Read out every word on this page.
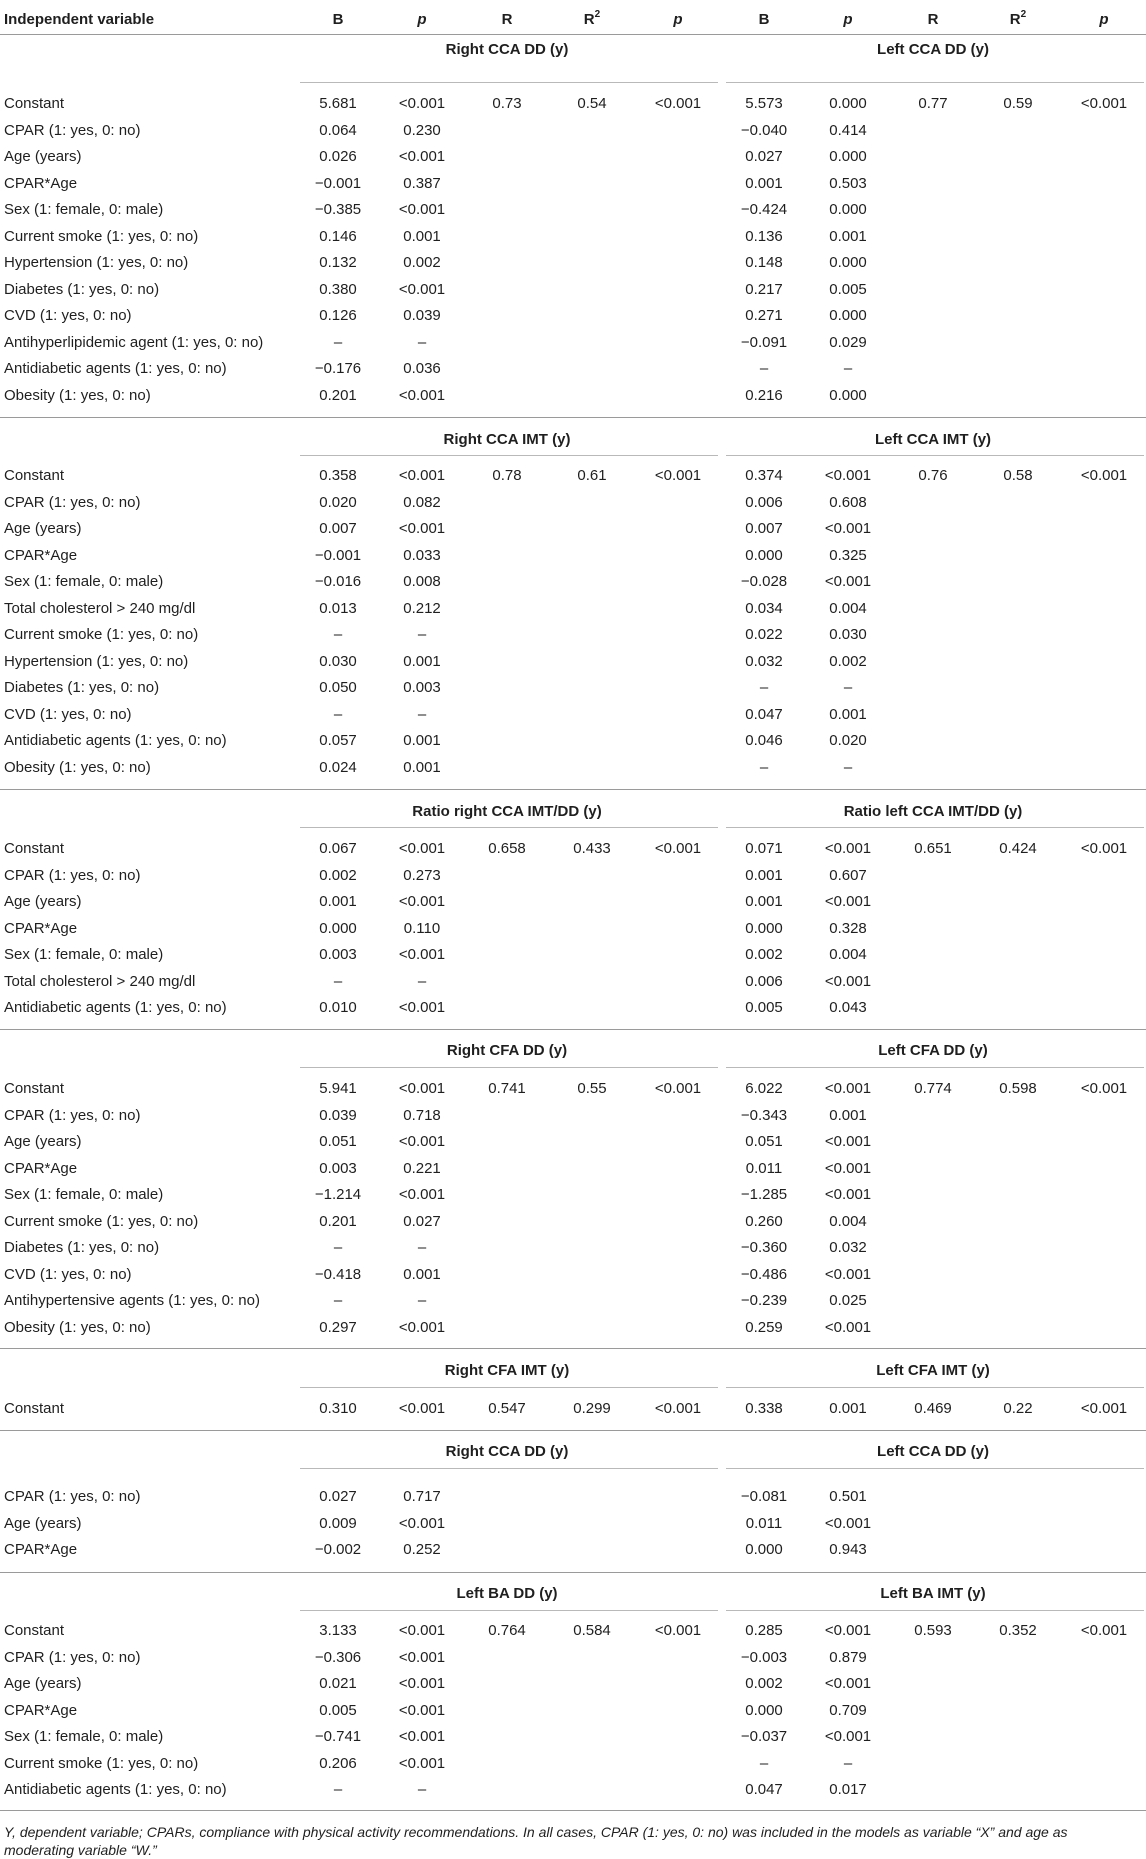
Independent variable	B	p	R	$R^2$	p	B	p	R	$R^2$	p
Right CCA DD (y)	Left CCA DD (y)
Constant	5.681	<0.001	0.73	0.54	<0.001	5.573	0.000	0.77	0.59	<0.001
CPAR (1: yes, 0: no)	0.064	0.230	−0.040	0.414
Age (years)	0.026	<0.001	0.027	0.000
CPAR*Age	−0.001	0.387	0.001	0.503
Sex (1: female, 0: male)	−0.385	<0.001	−0.424	0.000
Current smoke (1: yes, 0: no)	0.146	0.001	0.136	0.001
Hypertension (1: yes, 0: no)	0.132	0.002	0.148	0.000
Diabetes (1: yes, 0: no)	0.380	<0.001	0.217	0.005
CVD (1: yes, 0: no)	0.126	0.039	0.271	0.000
Antihyperlipidemic agent (1: yes, 0: no)	–	–	−0.091	0.029
Antidiabetic agents (1: yes, 0: no)	−0.176	0.036	–	–
Obesity (1: yes, 0: no)	0.201	<0.001	0.216	0.000
Right CCA IMT (y)	Left CCA IMT (y)
Constant	0.358	<0.001	0.78	0.61	<0.001	0.374	<0.001	0.76	0.58	<0.001
CPAR (1: yes, 0: no)	0.020	0.082	0.006	0.608
Age (years)	0.007	<0.001	0.007	<0.001
CPAR*Age	−0.001	0.033	0.000	0.325
Sex (1: female, 0: male)	−0.016	0.008	−0.028	<0.001
Total cholesterol > 240 mg/dl	0.013	0.212	0.034	0.004
Current smoke (1: yes, 0: no)	–	–	0.022	0.030
Hypertension (1: yes, 0: no)	0.030	0.001	0.032	0.002
Diabetes (1: yes, 0: no)	0.050	0.003	–	–
CVD (1: yes, 0: no)	–	–	0.047	0.001
Antidiabetic agents (1: yes, 0: no)	0.057	0.001	0.046	0.020
Obesity (1: yes, 0: no)	0.024	0.001	–	–
Ratio right CCA IMT/DD (y)	Ratio left CCA IMT/DD (y)
Constant	0.067	<0.001	0.658	0.433	<0.001	0.071	<0.001	0.651	0.424	<0.001
CPAR (1: yes, 0: no)	0.002	0.273	0.001	0.607
Age (years)	0.001	<0.001	0.001	<0.001
CPAR*Age	0.000	0.110	0.000	0.328
Sex (1: female, 0: male)	0.003	<0.001	0.002	0.004
Total cholesterol > 240 mg/dl	–	–	0.006	<0.001
Antidiabetic agents (1: yes, 0: no)	0.010	<0.001	0.005	0.043
Right CFA DD (y)	Left CFA DD (y)
Constant	5.941	<0.001	0.741	0.55	<0.001	6.022	<0.001	0.774	0.598	<0.001
CPAR (1: yes, 0: no)	0.039	0.718	−0.343	0.001
Age (years)	0.051	<0.001	0.051	<0.001
CPAR*Age	0.003	0.221	0.011	<0.001
Sex (1: female, 0: male)	−1.214	<0.001	−1.285	<0.001
Current smoke (1: yes, 0: no)	0.201	0.027	0.260	0.004
Diabetes (1: yes, 0: no)	–	–	−0.360	0.032
CVD (1: yes, 0: no)	−0.418	0.001	−0.486	<0.001
Antihypertensive agents (1: yes, 0: no)	–	–	−0.239	0.025
Obesity (1: yes, 0: no)	0.297	<0.001	0.259	<0.001
Right CFA IMT (y)	Left CFA IMT (y)
Constant	0.310	<0.001	0.547	0.299	<0.001	0.338	0.001	0.469	0.22	<0.001
Right CCA DD (y)	Left CCA DD (y)
CPAR (1: yes, 0: no)	0.027	0.717	−0.081	0.501
Age (years)	0.009	<0.001	0.011	<0.001
CPAR*Age	−0.002	0.252	0.000	0.943
Left BA DD (y)	Left BA IMT (y)
Constant	3.133	<0.001	0.764	0.584	<0.001	0.285	<0.001	0.593	0.352	<0.001
CPAR (1: yes, 0: no)	−0.306	<0.001	−0.003	0.879
Age (years)	0.021	<0.001	0.002	<0.001
CPAR*Age	0.005	<0.001	0.000	0.709
Sex (1: female, 0: male)	−0.741	<0.001	−0.037	<0.001
Current smoke (1: yes, 0: no)	0.206	<0.001	–	–
Antidiabetic agents (1: yes, 0: no)	–	–	0.047	0.017
Y, dependent variable; CPARs, compliance with physical activity recommendations. In all cases, CPAR (1: yes, 0: no) was included in the models as variable “X” and age as moderating variable “W.”
